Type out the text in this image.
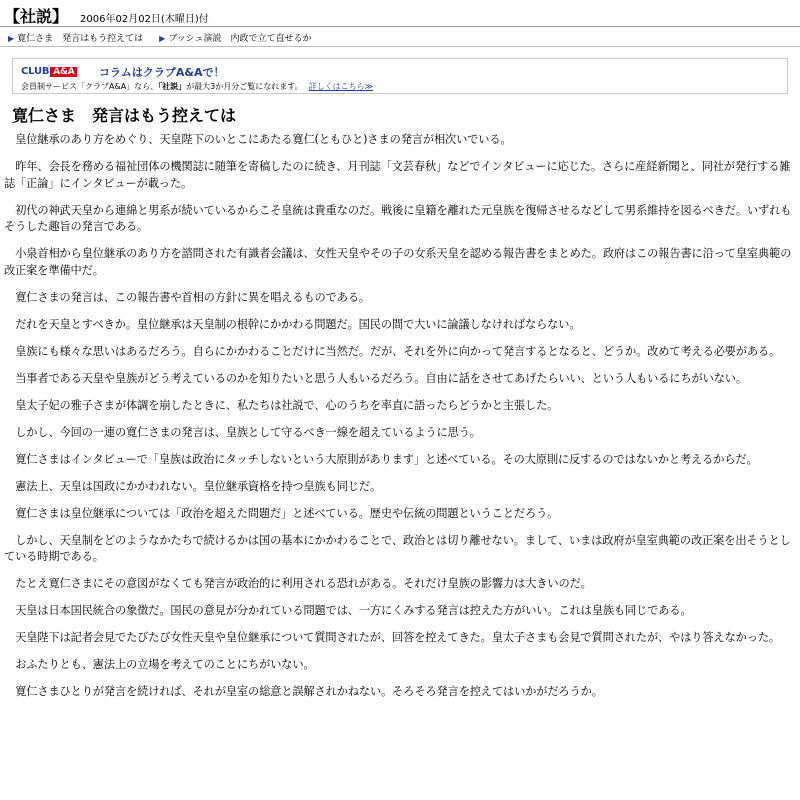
【社説】 2006年02月02日(木曜日)付
▶ 寛仁さま　発言はもう控えては ▶ ブッシュ演説　内政で立て直せるか
CLUB A&A コラムはクラブA&Aで！
会員制サービス「クラブA&A」なら、「社説」が最大3か月分ご覧になれます。 詳しくはこちら≫
寛仁さま　発言はもう控えては

皇位継承のあり方をめぐり、天皇陛下のいとこにあたる寛仁(ともひと)さまの発言が相次いでいる。

昨年、会長を務める福祉団体の機関誌に随筆を寄稿したのに続き、月刊誌「文芸春秋」などでインタビューに応じた。さらに産経新聞と、同社が発行する雑誌「正論」にインタビューが載った。

初代の神武天皇から連綿と男系が続いているからこそ皇統は貴重なのだ。戦後に皇籍を離れた元皇族を復帰させるなどして男系維持を図るべきだ。いずれもそうした趣旨の発言である。

小泉首相から皇位継承のあり方を諮問された有識者会議は、女性天皇やその子の女系天皇を認める報告書をまとめた。政府はこの報告書に沿って皇室典範の改正案を準備中だ。

寛仁さまの発言は、この報告書や首相の方針に異を唱えるものである。

だれを天皇とすべきか。皇位継承は天皇制の根幹にかかわる問題だ。国民の間で大いに論議しなければならない。

皇族にも様々な思いはあるだろう。自らにかかわることだけに当然だ。だが、それを外に向かって発言するとなると、どうか。改めて考える必要がある。

当事者である天皇や皇族がどう考えているのかを知りたいと思う人もいるだろう。自由に話をさせてあげたらいい、という人もいるにちがいない。

皇太子妃の雅子さまが体調を崩したときに、私たちは社説で、心のうちを率直に語ったらどうかと主張した。

しかし、今回の一連の寛仁さまの発言は、皇族として守るべき一線を超えているように思う。

寛仁さまはインタビューで「皇族は政治にタッチしないという大原則があります」と述べている。その大原則に反するのではないかと考えるからだ。

憲法上、天皇は国政にかかわれない。皇位継承資格を持つ皇族も同じだ。

寛仁さまは皇位継承については「政治を超えた問題だ」と述べている。歴史や伝統の問題ということだろう。

しかし、天皇制をどのようなかたちで続けるかは国の基本にかかわることで、政治とは切り離せない。まして、いまは政府が皇室典範の改正案を出そうとしている時期である。

たとえ寛仁さまにその意図がなくても発言が政治的に利用される恐れがある。それだけ皇族の影響力は大きいのだ。

天皇は日本国民統合の象徴だ。国民の意見が分かれている問題では、一方にくみする発言は控えた方がいい。これは皇族も同じである。

天皇陛下は記者会見でたびたび女性天皇や皇位継承について質問されたが、回答を控えてきた。皇太子さまも会見で質問されたが、やはり答えなかった。

おふたりとも、憲法上の立場を考えてのことにちがいない。

寛仁さまひとりが発言を続ければ、それが皇室の総意と誤解されかねない。そろそろ発言を控えてはいかがだろうか。
